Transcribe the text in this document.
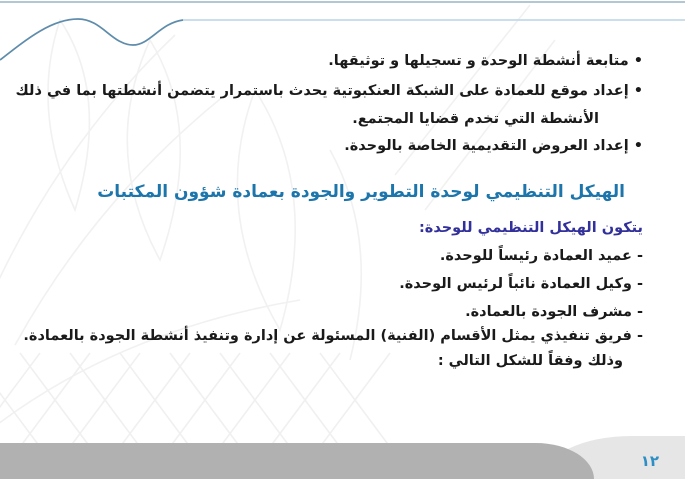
• متابعة أنشطة الوحدة و تسجيلها و توثيقها.

• إعداد موقع للعمادة على الشبكة العنكبوتية يحدث باستمرار يتضمن أنشطتها بما في ذلك

الأنشطة التي تخدم قضايا المجتمع.

• إعداد العروض التقديمية الخاصة بالوحدة.

الهيكل التنظيمي لوحدة التطوير والجودة بعمادة شؤون المكتبات

يتكون الهيكل التنظيمي للوحدة:

- عميد العمادة رئيساً للوحدة.

- وكيل العمادة نائباً لرئيس الوحدة.

- مشرف الجودة بالعمادة.

- فريق تنفيذي يمثل الأقسام (الفنية) المسئولة عن إدارة وتنفيذ أنشطة الجودة بالعمادة.

وذلك وفقاً للشكل التالي :

١٢
